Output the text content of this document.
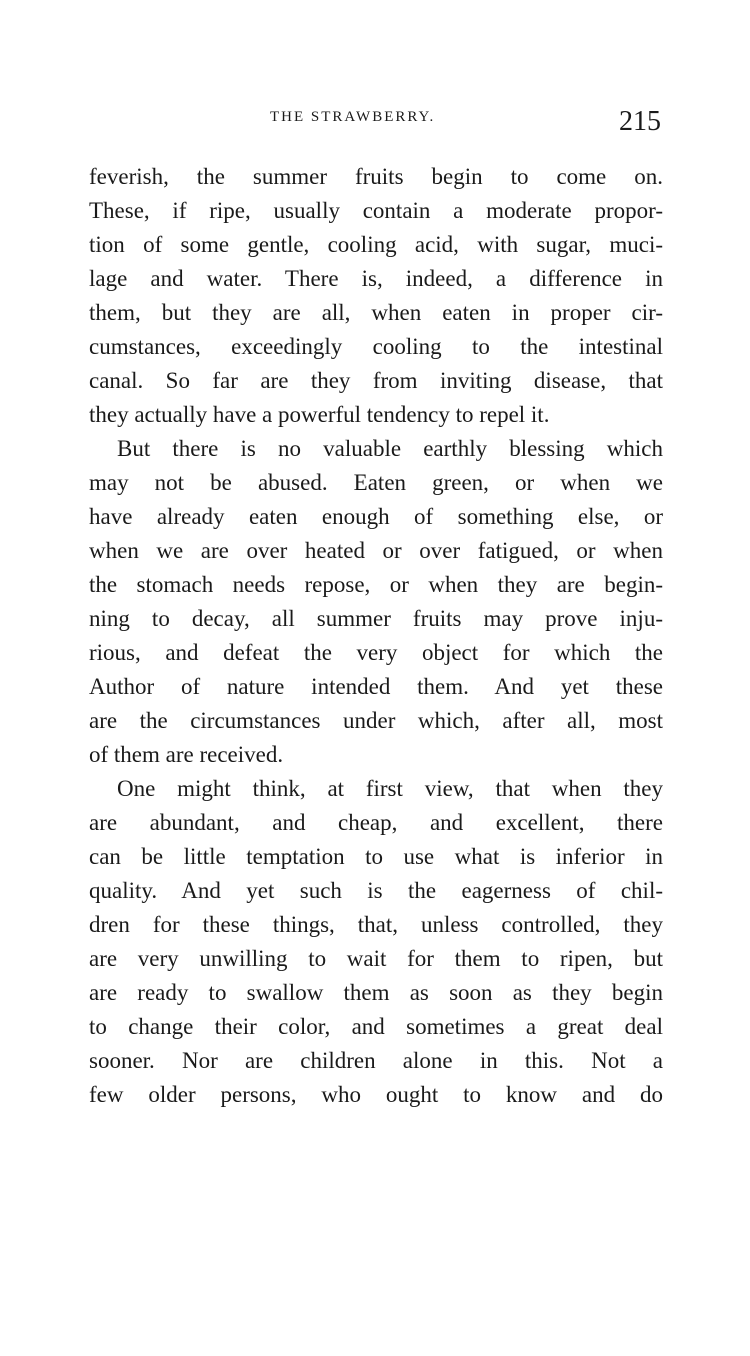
THE STRAWBERRY.	215
feverish, the summer fruits begin to come on.
These, if ripe, usually contain a moderate propor-
tion of some gentle, cooling acid, with sugar, muci-
lage and water. There is, indeed, a difference in
them, but they are all, when eaten in proper cir-
cumstances, exceedingly cooling to the intestinal
canal. So far are they from inviting disease, that
they actually have a powerful tendency to repel it.
But there is no valuable earthly blessing which
may not be abused. Eaten green, or when we
have already eaten enough of something else, or
when we are over heated or over fatigued, or when
the stomach needs repose, or when they are begin-
ning to decay, all summer fruits may prove inju-
rious, and defeat the very object for which the
Author of nature intended them. And yet these
are the circumstances under which, after all, most
of them are received.
One might think, at first view, that when they
are abundant, and cheap, and excellent, there
can be little temptation to use what is inferior in
quality. And yet such is the eagerness of chil-
dren for these things, that, unless controlled, they
are very unwilling to wait for them to ripen, but
are ready to swallow them as soon as they begin
to change their color, and sometimes a great deal
sooner. Nor are children alone in this. Not a
few older persons, who ought to know and do
